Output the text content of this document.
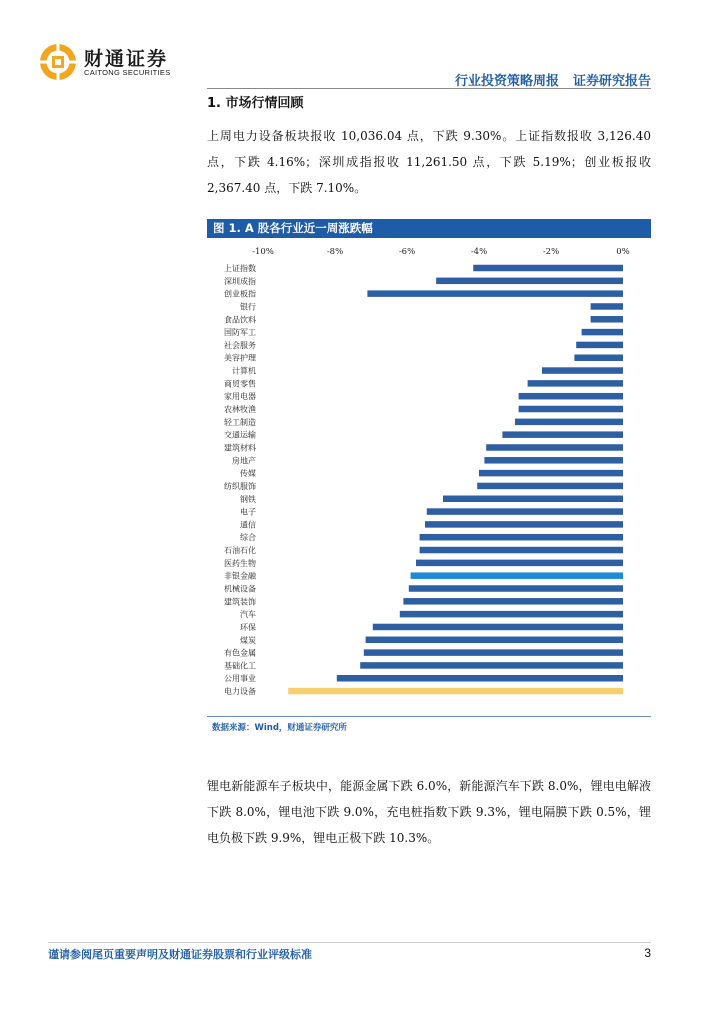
财通证券
CAITONG SECURITIES
行业投资策略周报 证券研究报告
1. 市场行情回顾
上周电力设备板块报收 10,036.04 点，下跌 9.30%。上证指数报收 3,126.40 点，下跌 4.16%；深圳成指报收 11,261.50 点，下跌 5.19%；创业板报收 2,367.40 点，下跌 7.10%。
图 1. A 股各行业近一周涨跌幅
-10%	-8%	-6%	-4%	-2%	0%
上证指数
深圳成指
创业板指
银行
食品饮料
国防军工
社会服务
美容护理
计算机
商贸零售
家用电器
农林牧渔
轻工制造
交通运输
建筑材料
房地产
传媒
纺织服饰
钢铁
电子
通信
综合
石油石化
医药生物
非银金融
机械设备
建筑装饰
汽车
环保
煤炭
有色金属
基础化工
公用事业
电力设备
数据来源：Wind，财通证券研究所
锂电新能源车子板块中，能源金属下跌 6.0%，新能源汽车下跌 8.0%，锂电电解液下跌 8.0%，锂电池下跌 9.0%，充电桩指数下跌 9.3%，锂电隔膜下跌 0.5%，锂电负极下跌 9.9%，锂电正极下跌 10.3%。
谨请参阅尾页重要声明及财通证券股票和行业评级标准	3
